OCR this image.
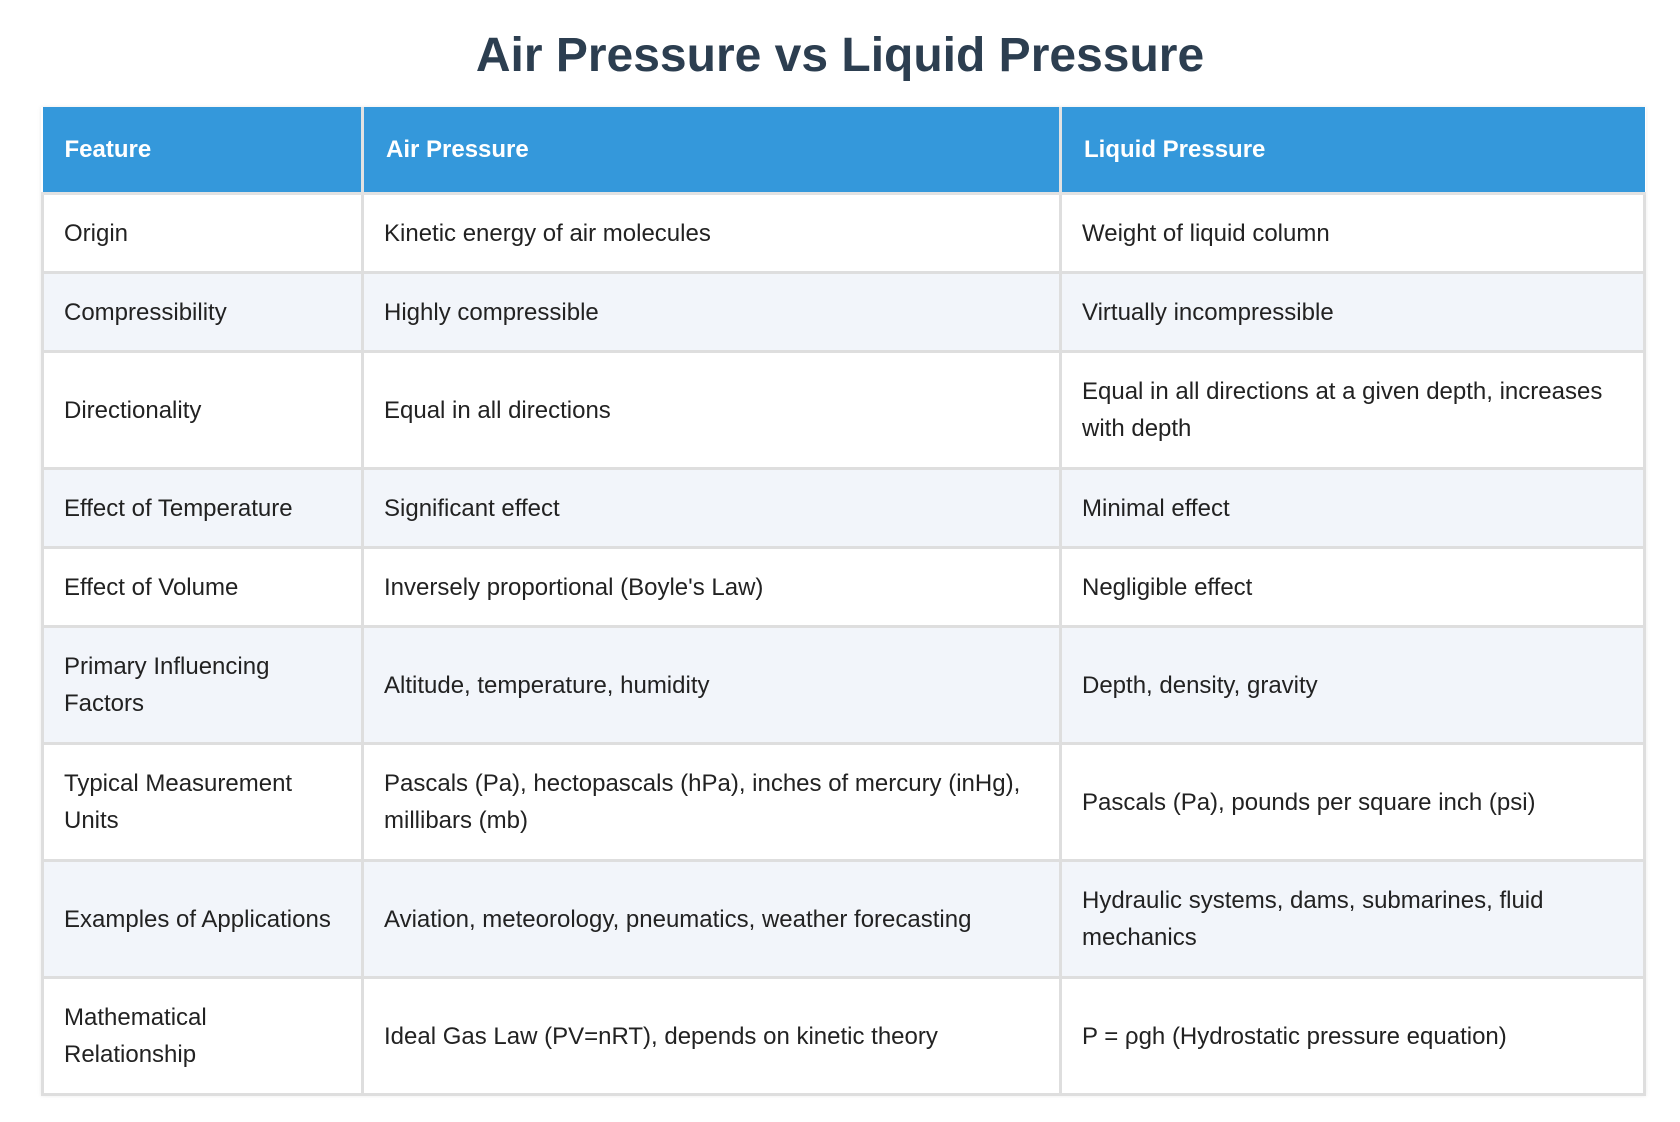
Air Pressure vs Liquid Pressure
Feature	Air Pressure	Liquid Pressure
Origin	Kinetic energy of air molecules	Weight of liquid column
Compressibility	Highly compressible	Virtually incompressible
Directionality	Equal in all directions	Equal in all directions at a given depth, increases with depth
Effect of Temperature	Significant effect	Minimal effect
Effect of Volume	Inversely proportional (Boyle's Law)	Negligible effect
Primary Influencing Factors	Altitude, temperature, humidity	Depth, density, gravity
Typical Measurement Units	Pascals (Pa), hectopascals (hPa), inches of mercury (inHg), millibars (mb)	Pascals (Pa), pounds per square inch (psi)
Examples of Applications	Aviation, meteorology, pneumatics, weather forecasting	Hydraulic systems, dams, submarines, fluid mechanics
Mathematical Relationship	Ideal Gas Law (PV=nRT), depends on kinetic theory	P = ρgh (Hydrostatic pressure equation)
